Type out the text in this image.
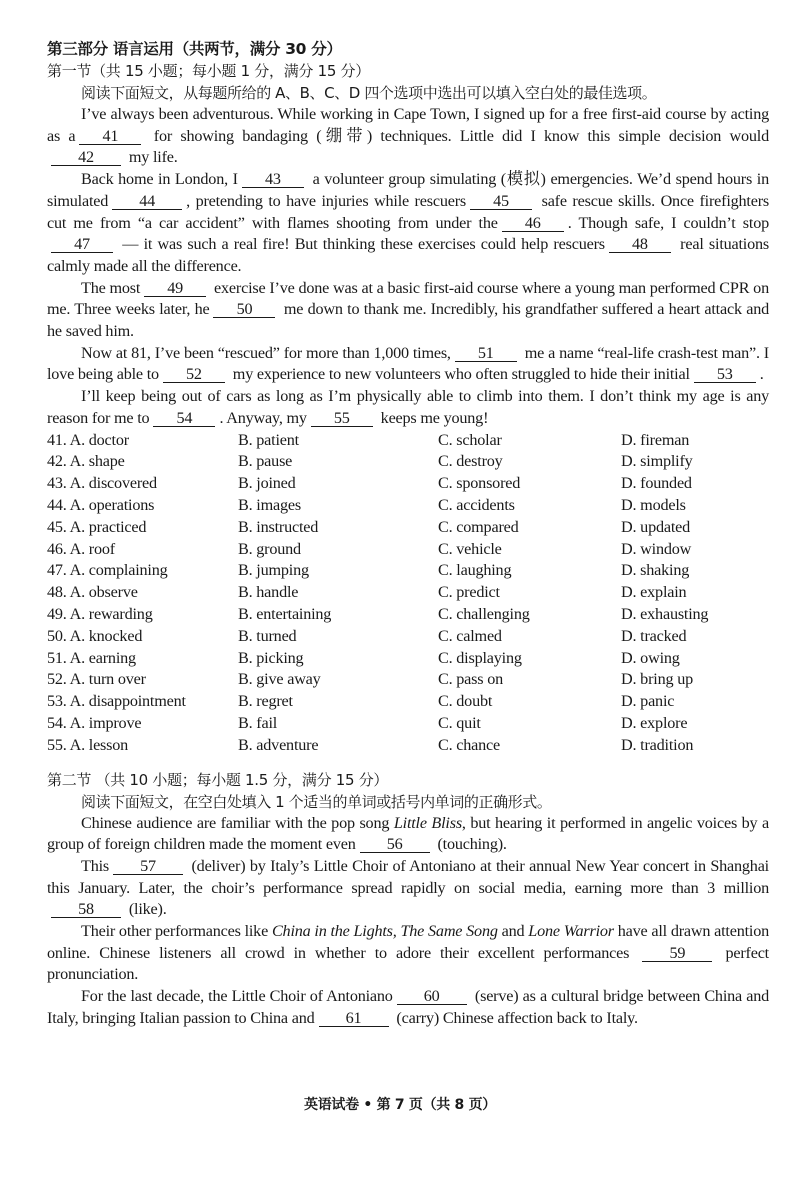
第三部分 语言运用（共两节，满分 30 分）
第一节（共 15 小题；每小题 1 分，满分 15 分）
阅读下面短文，从每题所给的 A、B、C、D 四个选项中选出可以填入空白处的最佳选项。
I’ve always been adventurous. While working in Cape Town, I signed up for a free first-aid course by acting as a 41 for showing bandaging (绷带) techniques. Little did I know this simple decision would42 my life.
Back home in London, I 43 a volunteer group simulating (模拟) emergencies. We’d spend hours in simulated 44 , pretending to have injuries while rescuers 45 safe rescue skills. Once firefighters cut me from “a car accident” with flames shooting from under the 46 . Though safe, I couldn’t stop47 — it was such a real fire! But thinking these exercises could help rescuers 48 real situations calmly made all the difference.
The most 49 exercise I’ve done was at a basic first-aid course where a young man performed CPR on me. Three weeks later, he 50 me down to thank me. Incredibly, his grandfather suffered a heart attack and he saved him.
Now at 81, I’ve been “rescued” for more than 1,000 times, 51 me a name “real-life crash-test man”. I love being able to 52 my experience to new volunteers who often struggled to hide their initial 53 .
I’ll keep being out of cars as long as I’m physically able to climb into them. I don’t think my age is any reason for me to 54 . Anyway, my 55 keeps me young!
41. A. doctor	B. patient	C. scholar	D. fireman
42. A. shape	B. pause	C. destroy	D. simplify
43. A. discovered	B. joined	C. sponsored	D. founded
44. A. operations	B. images	C. accidents	D. models
45. A. practiced	B. instructed	C. compared	D. updated
46. A. roof	B. ground	C. vehicle	D. window
47. A. complaining	B. jumping	C. laughing	D. shaking
48. A. observe	B. handle	C. predict	D. explain
49. A. rewarding	B. entertaining	C. challenging	D. exhausting
50. A. knocked	B. turned	C. calmed	D. tracked
51. A. earning	B. picking	C. displaying	D. owing
52. A. turn over	B. give away	C. pass on	D. bring up
53. A. disappointment	B. regret	C. doubt	D. panic
54. A. improve	B. fail	C. quit	D. explore
55. A. lesson	B. adventure	C. chance	D. tradition
第二节 （共 10 小题；每小题 1.5 分，满分 15 分）
阅读下面短文，在空白处填入 1 个适当的单词或括号内单词的正确形式。
Chinese audience are familiar with the pop song Little Bliss, but hearing it performed in angelic voices by a group of foreign children made the moment even 56 (touching).
This 57 (deliver) by Italy’s Little Choir of Antoniano at their annual New Year concert in Shanghai this January. Later, the choir’s performance spread rapidly on social media, earning more than 3 million58 (like).
Their other performances like China in the Lights, The Same Song and Lone Warrior have all drawn attention online. Chinese listeners all crowd in whether to adore their excellent performances 59 perfect pronunciation.
For the last decade, the Little Choir of Antoniano 60 (serve) as a cultural bridge between China and Italy, bringing Italian passion to China and 61 (carry) Chinese affection back to Italy.
英语试卷 • 第 7 页（共 8 页）
